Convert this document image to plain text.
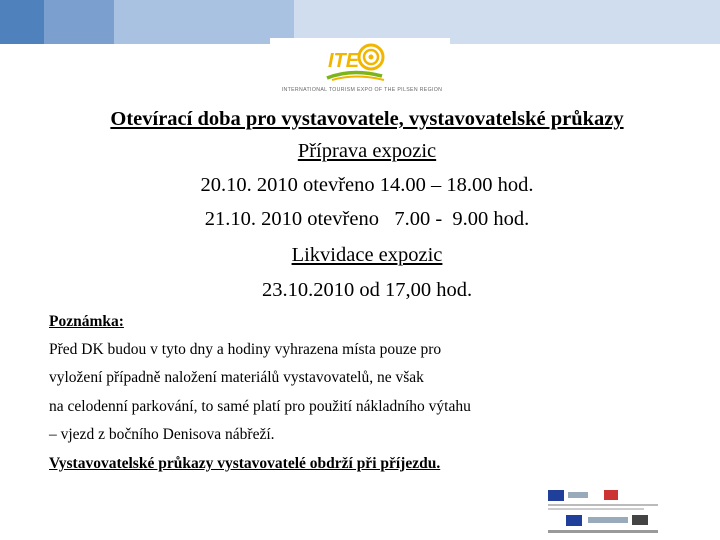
ITE
INTERNATIONAL TOURISM EXPO OF THE PILSEN REGION
Otevírací doba pro vystavovatele, vystavovatelské průkazy
Příprava expozic
20.10. 2010 otevřeno 14.00 – 18.00 hod.
21.10. 2010 otevřeno   7.00 -  9.00 hod.
Likvidace expozic
23.10.2010 od 17,00 hod.
Poznámka:
Před DK budou v tyto dny a hodiny vyhrazena místa pouze pro
vyložení případně naložení materiálů vystavovatelů, ne však
na celodenní parkování, to samé platí pro použití nákladního výtahu
– vjezd z bočního Denisova nábřeží.
Vystavovatelské průkazy vystavovatelé obdrží při příjezdu.
